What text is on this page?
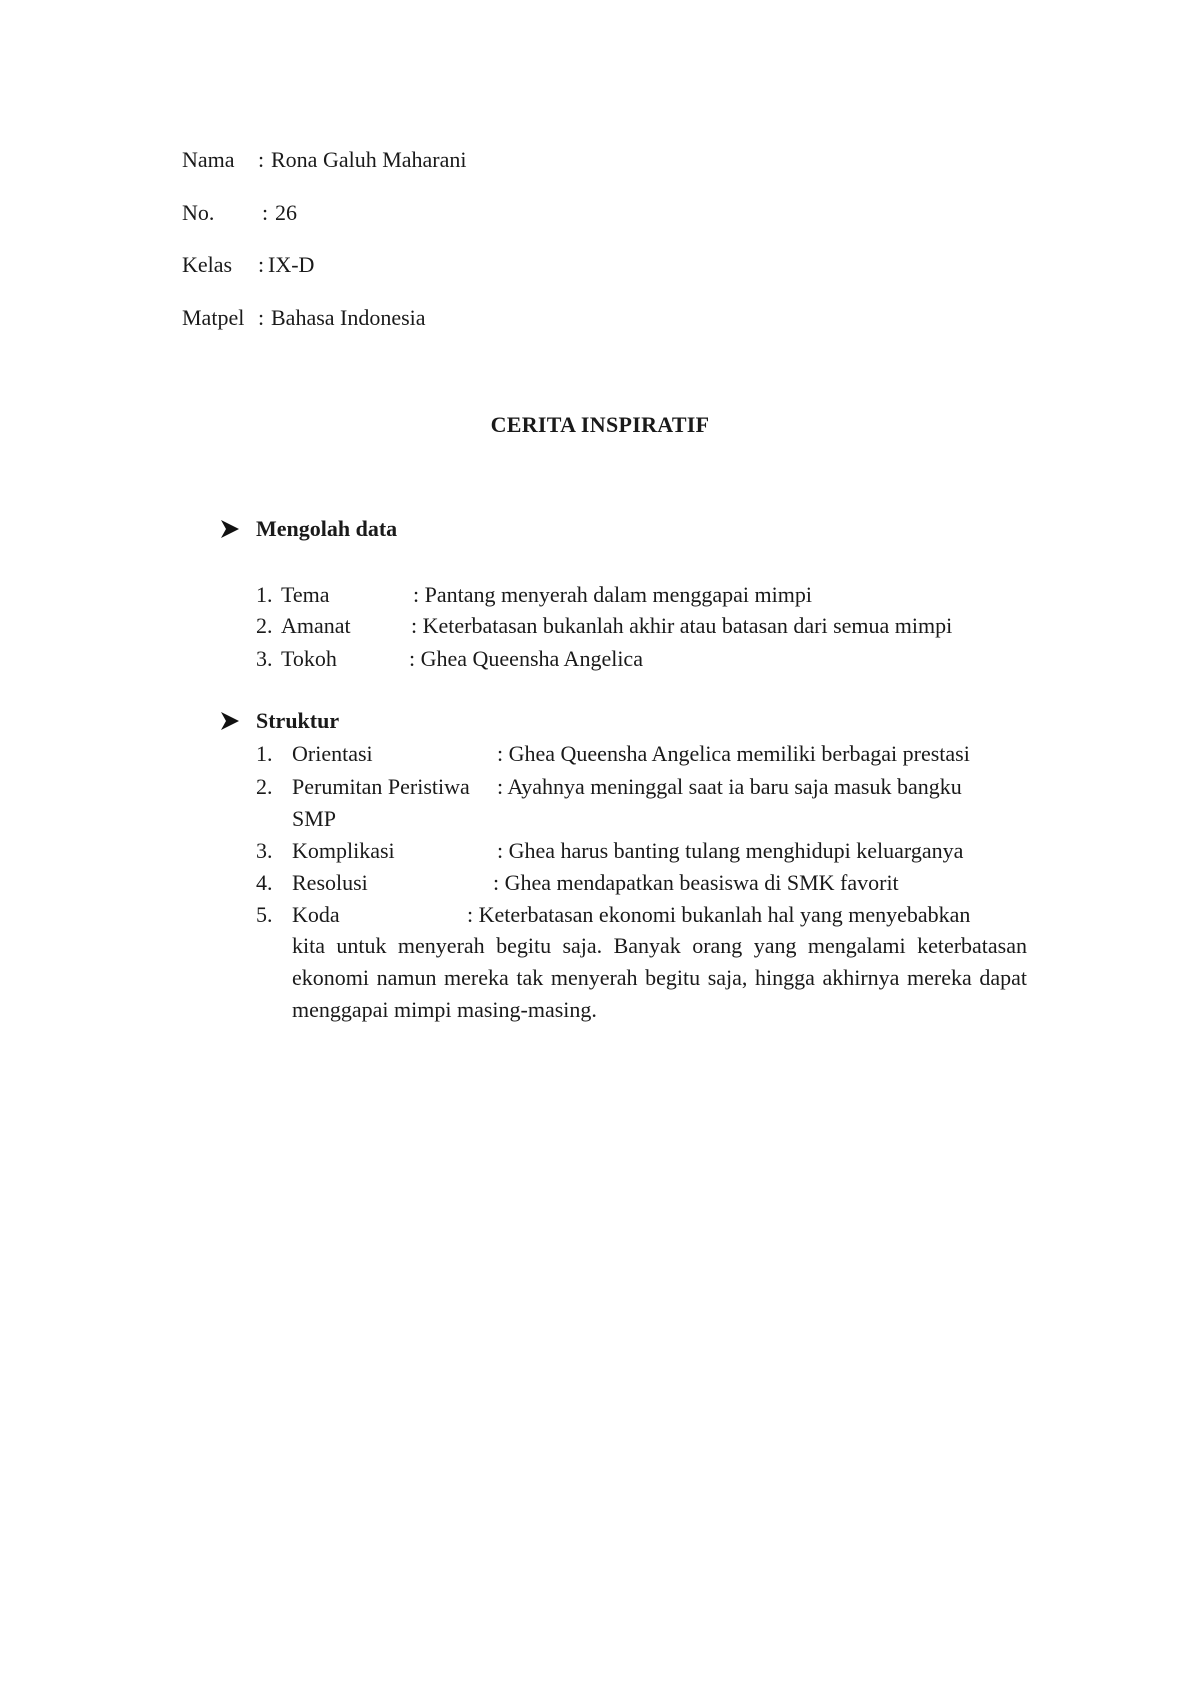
Nama : Rona Galuh Maharani
No. : 26
Kelas : IX-D
Matpel : Bahasa Indonesia
CERITA INSPIRATIF
Mengolah data
1. Tema	: Pantang menyerah dalam menggapai mimpi
2. Amanat	: Keterbatasan bukanlah akhir atau batasan dari semua mimpi
3. Tokoh	: Ghea Queensha Angelica
Struktur
1. Orientasi	: Ghea Queensha Angelica memiliki berbagai prestasi
2. Perumitan Peristiwa : Ayahnya meninggal saat ia baru saja masuk bangku
SMP
3. Komplikasi	: Ghea harus banting tulang menghidupi keluarganya
4. Resolusi	: Ghea mendapatkan beasiswa di SMK favorit
5. Koda	: Keterbatasan ekonomi bukanlah hal yang menyebabkan
kita untuk menyerah begitu saja. Banyak orang yang mengalami keterbatasan ekonomi namun mereka tak menyerah begitu saja, hingga akhirnya mereka dapat menggapai mimpi masing-masing.
